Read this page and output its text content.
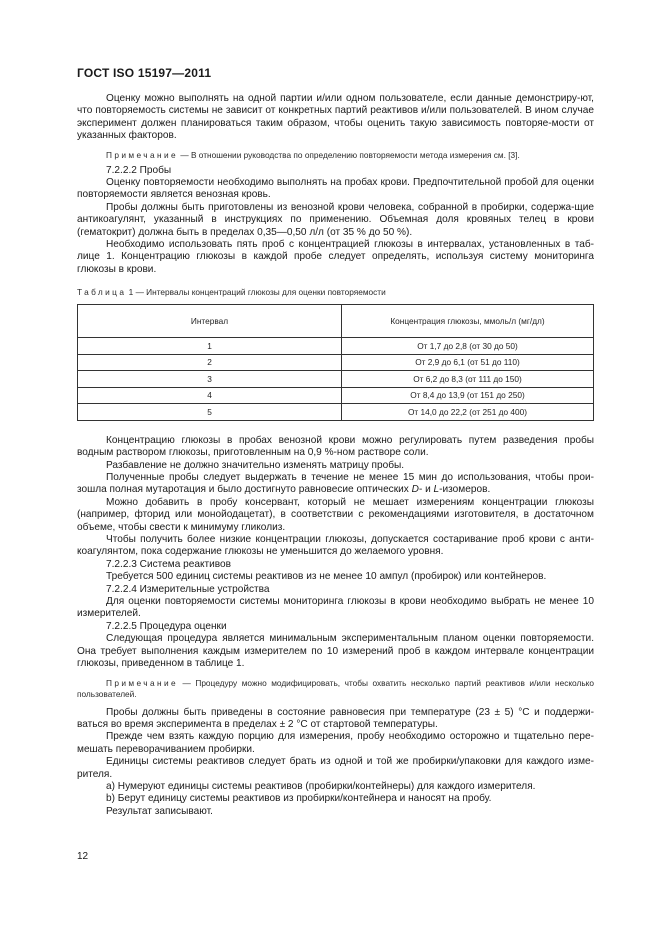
ГОСТ ISO 15197—2011

Оценку можно выполнять на одной партии и/или одном пользователе, если данные демонстриру-ют, что повторяемость системы не зависит от конкретных партий реактивов и/или пользователей. В ином случае эксперимент должен планироваться таким образом, чтобы оценить такую зависимость повторяе-мости от указанных факторов.

Примечание — В отношении руководства по определению повторяемости метода измерения см. [3].

7.2.2.2 Пробы

Оценку повторяемости необходимо выполнять на пробах крови. Предпочтительной пробой для оценки повторяемости является венозная кровь.

Пробы должны быть приготовлены из венозной крови человека, собранной в пробирки, содержа-щие антикоагулянт, указанный в инструкциях по применению. Объемная доля кровяных телец в крови (гематокрит) должна быть в пределах 0,35—0,50 л/л (от 35 % до 50 %).

Необходимо использовать пять проб с концентрацией глюкозы в интервалах, установленных в таб-лице 1. Концентрацию глюкозы в каждой пробе следует определять, используя систему мониторинга глюкозы в крови.

Таблица 1 — Интервалы концентраций глюкозы для оценки повторяемости

Интервал	Концентрация глюкозы, ммоль/л (мг/дл)
1	От 1,7 до 2,8 (от 30 до 50)
2	От 2,9 до 6,1 (от 51 до 110)
3	От 6,2 до 8,3 (от 111 до 150)
4	От 8,4 до 13,9 (от 151 до 250)
5	От 14,0 до 22,2 (от 251 до 400)

Концентрацию глюкозы в пробах венозной крови можно регулировать путем разведения пробы водным раствором глюкозы, приготовленным на 0,9 %-ном растворе соли.

Разбавление не должно значительно изменять матрицу пробы.

Полученные пробы следует выдержать в течение не менее 15 мин до использования, чтобы прои-зошла полная мутаротация и было достигнуто равновесие оптических D- и L-изомеров.

Можно добавить в пробу консервант, который не мешает измерениям концентрации глюкозы (например, фторид или монойодацетат), в соответствии с рекомендациями изготовителя, в достаточном объеме, чтобы свести к минимуму гликолиз.

Чтобы получить более низкие концентрации глюкозы, допускается состаривание проб крови с анти-коагулянтом, пока содержание глюкозы не уменьшится до желаемого уровня.

7.2.2.3 Система реактивов

Требуется 500 единиц системы реактивов из не менее 10 ампул (пробирок) или контейнеров.

7.2.2.4 Измерительные устройства

Для оценки повторяемости системы мониторинга глюкозы в крови необходимо выбрать не менее 10 измерителей.

7.2.2.5 Процедура оценки

Следующая процедура является минимальным экспериментальным планом оценки повторяемости. Она требует выполнения каждым измерителем по 10 измерений проб в каждом интервале концентрации глюкозы, приведенном в таблице 1.

Примечание — Процедуру можно модифицировать, чтобы охватить несколько партий реактивов и/или несколько пользователей.

Пробы должны быть приведены в состояние равновесия при температуре (23 ± 5) °С и поддержи-ваться во время эксперимента в пределах ± 2 °С от стартовой температуры.

Прежде чем взять каждую порцию для измерения, пробу необходимо осторожно и тщательно пере-мешать переворачиванием пробирки.

Единицы системы реактивов следует брать из одной и той же пробирки/упаковки для каждого изме-рителя.

a) Нумеруют единицы системы реактивов (пробирки/контейнеры) для каждого измерителя.

b) Берут единицу системы реактивов из пробирки/контейнера и наносят на пробу.

Результат записывают.

12
